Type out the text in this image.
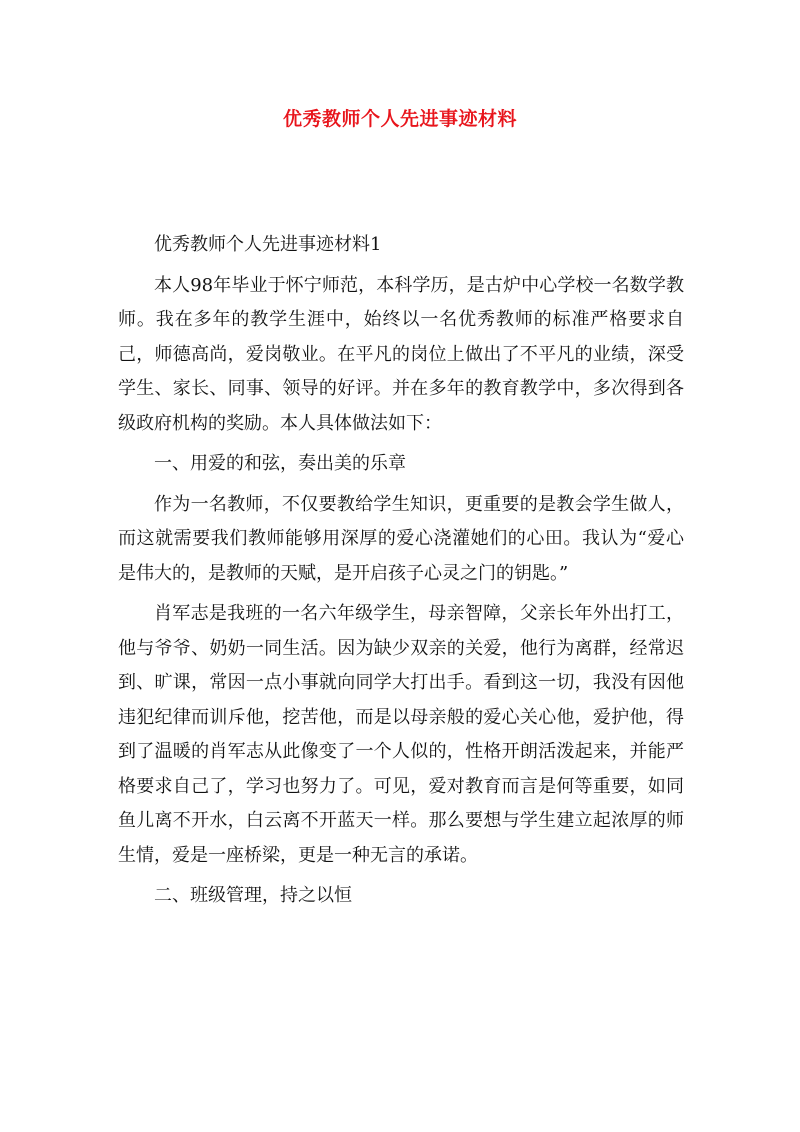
优秀教师个人先进事迹材料

优秀教师个人先进事迹材料1

本人98年毕业于怀宁师范，本科学历，是古炉中心学校一名数学教师。我在多年的教学生涯中，始终以一名优秀教师的标准严格要求自己，师德高尚，爱岗敬业。在平凡的岗位上做出了不平凡的业绩，深受学生、家长、同事、领导的好评。并在多年的教育教学中，多次得到各级政府机构的奖励。本人具体做法如下：

一、用爱的和弦，奏出美的乐章

作为一名教师，不仅要教给学生知识，更重要的是教会学生做人，而这就需要我们教师能够用深厚的爱心浇灌她们的心田。我认为“爱心是伟大的，是教师的天赋，是开启孩子心灵之门的钥匙。”

肖军志是我班的一名六年级学生，母亲智障，父亲长年外出打工，他与爷爷、奶奶一同生活。因为缺少双亲的关爱，他行为离群，经常迟到、旷课，常因一点小事就向同学大打出手。看到这一切，我没有因他违犯纪律而训斥他，挖苦他，而是以母亲般的爱心关心他，爱护他，得到了温暖的肖军志从此像变了一个人似的，性格开朗活泼起来，并能严格要求自己了，学习也努力了。可见，爱对教育而言是何等重要，如同鱼儿离不开水，白云离不开蓝天一样。那么要想与学生建立起浓厚的师生情，爱是一座桥梁，更是一种无言的承诺。

二、班级管理，持之以恒
